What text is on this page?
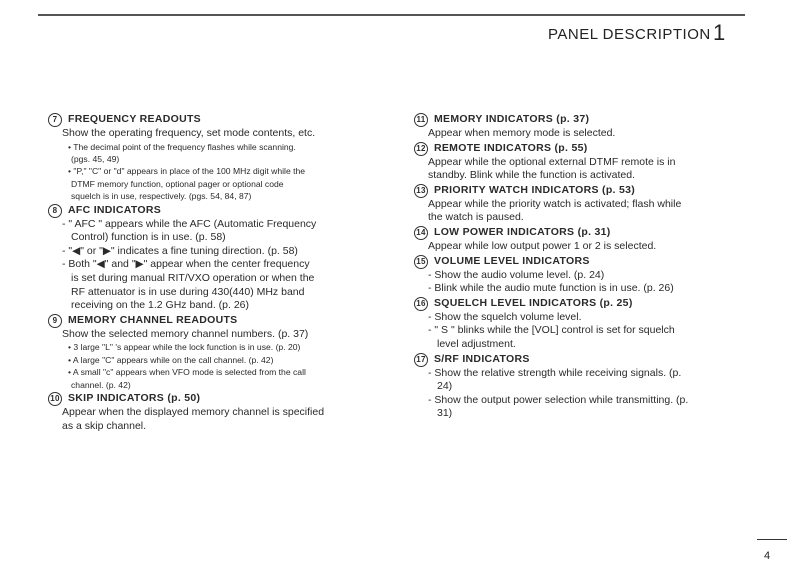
PANEL DESCRIPTION 1
7	FREQUENCY READOUTS
Show the operating frequency, set mode contents, etc.
• The decimal point of the frequency flashes while scanning.
(pgs. 45, 49)
• "P," "C" or "d" appears in place of the 100 MHz digit while the
DTMF memory function, optional pager or optional code
squelch is in use, respectively. (pgs. 54, 84, 87)
8	AFC INDICATORS
- " AFC " appears while the AFC (Automatic Frequency
Control) function is in use. (p. 58)
- "◀" or "▶" indicates a fine tuning direction. (p. 58)
- Both "◀" and "▶" appear when the center frequency
is set during manual RIT/VXO operation or when the
RF attenuator is in use during 430(440) MHz band
receiving on the 1.2 GHz band. (p. 26)
9	MEMORY CHANNEL READOUTS
Show the selected memory channel numbers. (p. 37)
• 3 large "L" 's appear while the lock function is in use. (p. 20)
• A large "C" appears while on the call channel. (p. 42)
• A small "c" appears when VFO mode is selected from the call
channel. (p. 42)
10 SKIP INDICATORS (p. 50)
Appear when the displayed memory channel is specified
as a skip channel.
11 MEMORY INDICATORS (p. 37)
Appear when memory mode is selected.
12 REMOTE INDICATORS (p. 55)
Appear while the optional external DTMF remote is in
standby. Blink while the function is activated.
13 PRIORITY WATCH INDICATORS (p. 53)
Appear while the priority watch is activated; flash while
the watch is paused.
14 LOW POWER INDICATORS (p. 31)
Appear while low output power 1 or 2 is selected.
15 VOLUME LEVEL INDICATORS
- Show the audio volume level. (p. 24)
- Blink while the audio mute function is in use. (p. 26)
16 SQUELCH LEVEL INDICATORS (p. 25)
- Show the squelch volume level.
- " S " blinks while the [VOL] control is set for squelch
level adjustment.
17 S/RF INDICATORS
- Show the relative strength while receiving signals. (p.
24)
- Show the output power selection while transmitting. (p.
31)
4
